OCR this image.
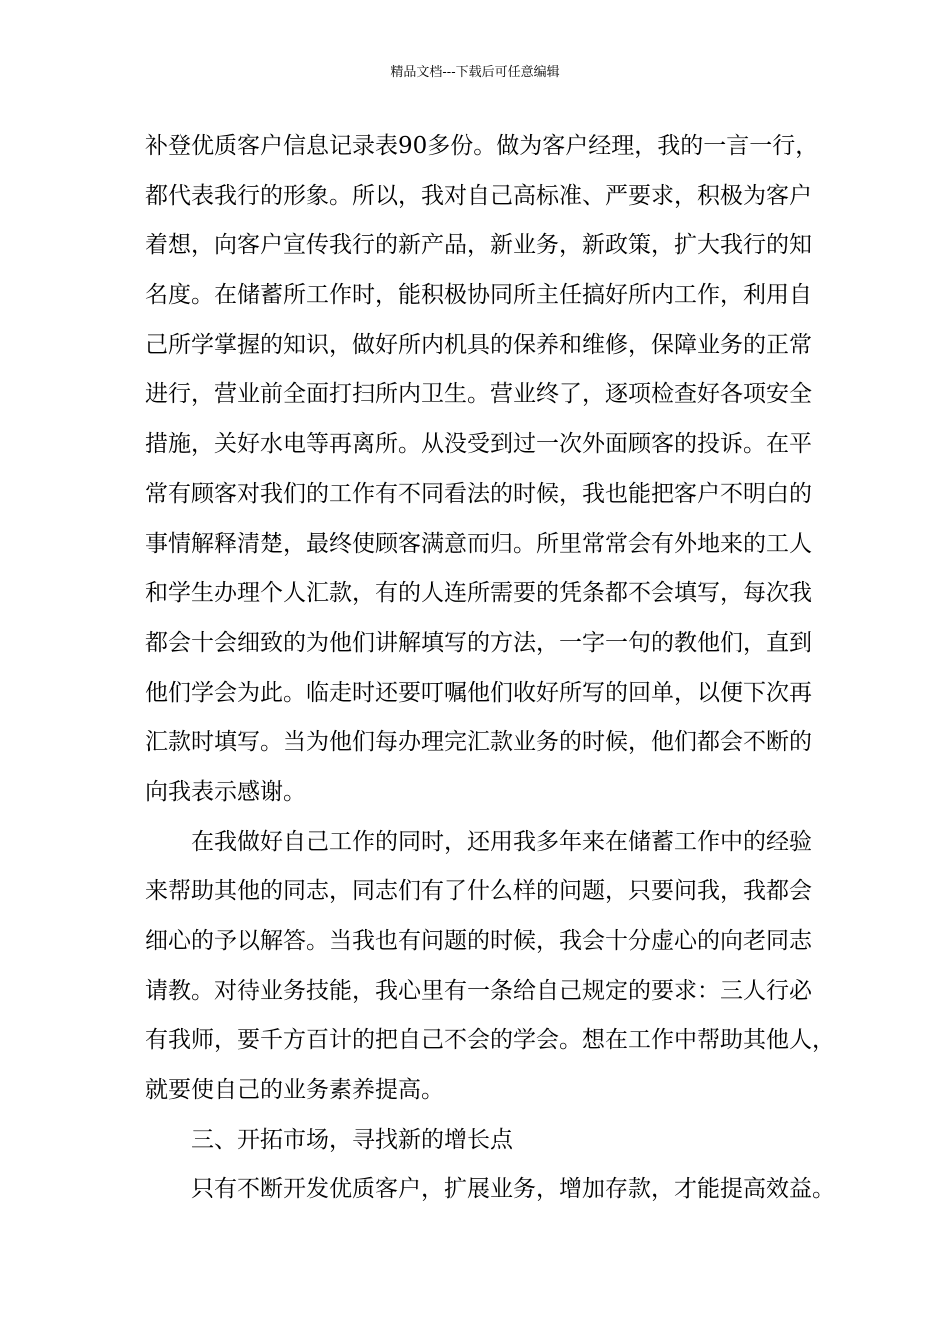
精品文档---下载后可任意编辑
补登优质客户信息记录表90多份。做为客户经理，我的一言一行，
都代表我行的形象。所以，我对自己高标准、严要求，积极为客户
着想，向客户宣传我行的新产品，新业务，新政策，扩大我行的知
名度。在储蓄所工作时，能积极协同所主任搞好所内工作，利用自
己所学掌握的知识，做好所内机具的保养和维修，保障业务的正常
进行，营业前全面打扫所内卫生。营业终了，逐项检查好各项安全
措施，关好水电等再离所。从没受到过一次外面顾客的投诉。在平
常有顾客对我们的工作有不同看法的时候，我也能把客户不明白的
事情解释清楚，最终使顾客满意而归。所里常常会有外地来的工人
和学生办理个人汇款，有的人连所需要的凭条都不会填写，每次我
都会十会细致的为他们讲解填写的方法，一字一句的教他们，直到
他们学会为此。临走时还要叮嘱他们收好所写的回单，以便下次再
汇款时填写。当为他们每办理完汇款业务的时候，他们都会不断的
向我表示感谢。
在我做好自己工作的同时，还用我多年来在储蓄工作中的经验
来帮助其他的同志，同志们有了什么样的问题，只要问我，我都会
细心的予以解答。当我也有问题的时候，我会十分虚心的向老同志
请教。对待业务技能，我心里有一条给自己规定的要求：三人行必
有我师，要千方百计的把自己不会的学会。想在工作中帮助其他人，
就要使自己的业务素养提高。
三、开拓市场，寻找新的增长点
只有不断开发优质客户，扩展业务，增加存款，才能提高效益。
